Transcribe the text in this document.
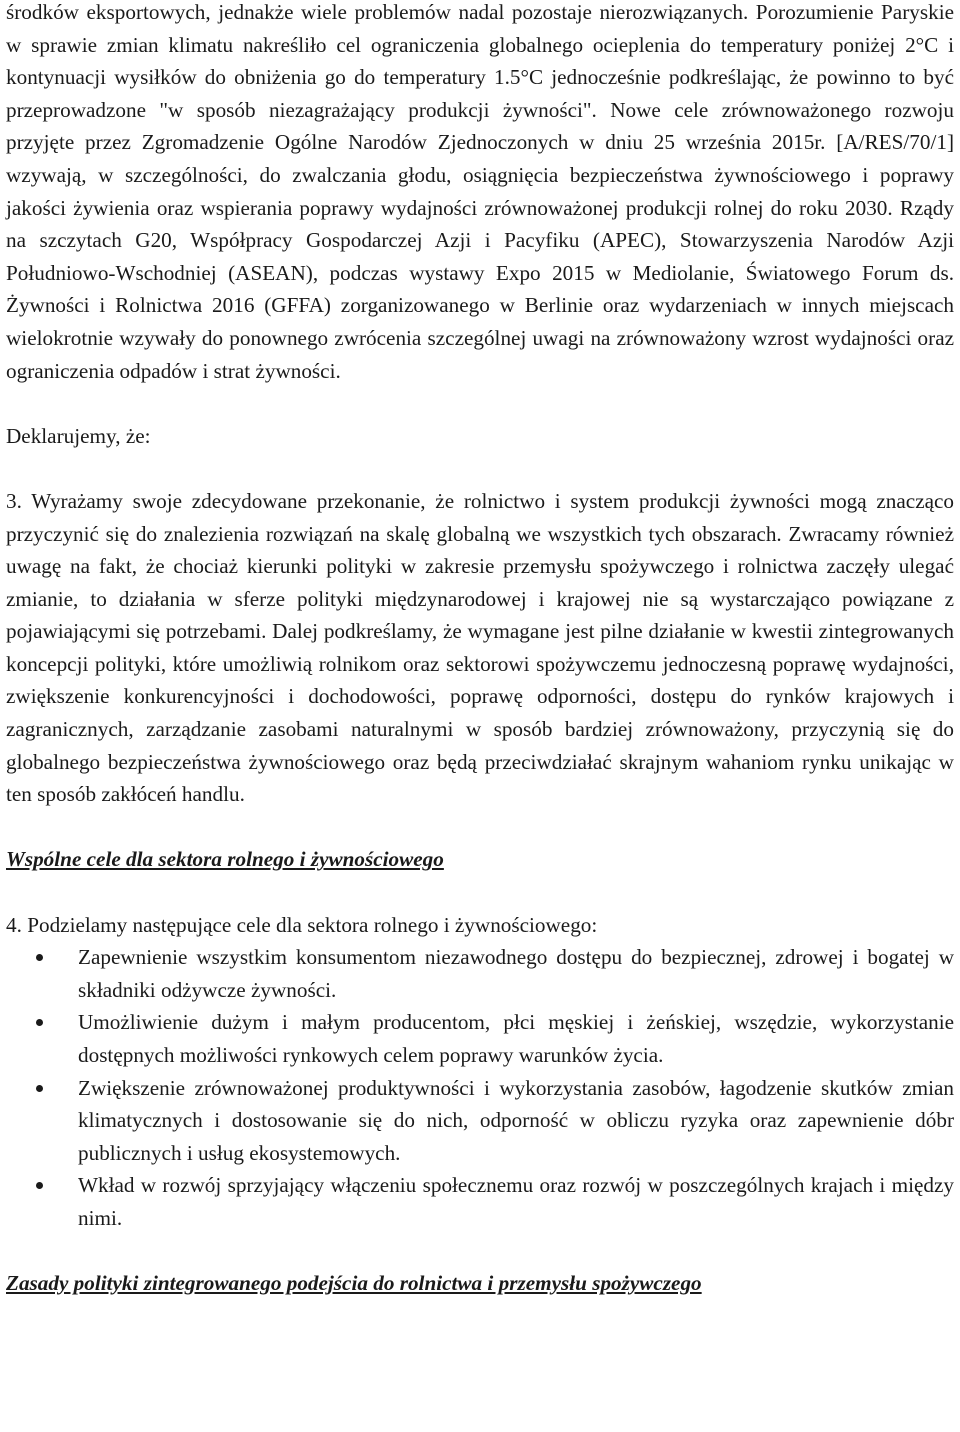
środków eksportowych, jednakże wiele problemów nadal pozostaje nierozwiązanych. Porozumienie Paryskie w sprawie zmian klimatu nakreśliło cel ograniczenia globalnego ocieplenia do temperatury poniżej 2°C i kontynuacji wysiłków do obniżenia go do temperatury 1.5°C jednocześnie podkreślając, że powinno to być przeprowadzone "w sposób niezagrażający produkcji żywności". Nowe cele zrównoważonego rozwoju przyjęte przez Zgromadzenie Ogólne Narodów Zjednoczonych w dniu 25 września 2015r. [A/RES/70/1] wzywają, w szczególności, do zwalczania głodu, osiągnięcia bezpieczeństwa żywnościowego i poprawy jakości żywienia oraz wspierania poprawy wydajności zrównoważonej produkcji rolnej do roku 2030. Rządy na szczytach G20, Współpracy Gospodarczej Azji i Pacyfiku (APEC), Stowarzyszenia Narodów Azji Południowo-Wschodniej (ASEAN), podczas wystawy Expo 2015 w Mediolanie, Światowego Forum ds. Żywności i Rolnictwa 2016 (GFFA) zorganizowanego w Berlinie oraz wydarzeniach w innych miejscach wielokrotnie wzywały do ponownego zwrócenia szczególnej uwagi na zrównoważony wzrost wydajności oraz ograniczenia odpadów i strat żywności.

Deklarujemy, że:

3. Wyrażamy swoje zdecydowane przekonanie, że rolnictwo i system produkcji żywności mogą znacząco przyczynić się do znalezienia rozwiązań na skalę globalną we wszystkich tych obszarach. Zwracamy również uwagę na fakt, że chociaż kierunki polityki w zakresie przemysłu spożywczego i rolnictwa zaczęły ulegać zmianie, to działania w sferze polityki międzynarodowej i krajowej nie są wystarczająco powiązane z pojawiającymi się potrzebami. Dalej podkreślamy, że wymagane jest pilne działanie w kwestii zintegrowanych koncepcji polityki, które umożliwią rolnikom oraz sektorowi spożywczemu jednoczesną poprawę wydajności, zwiększenie konkurencyjności i dochodowości, poprawę odporności, dostępu do rynków krajowych i zagranicznych, zarządzanie zasobami naturalnymi w sposób bardziej zrównoważony, przyczynią się do globalnego bezpieczeństwa żywnościowego oraz będą przeciwdziałać skrajnym wahaniom rynku unikając w ten sposób zakłóceń handlu.

Wspólne cele dla sektora rolnego i żywnościowego

4. Podzielamy następujące cele dla sektora rolnego i żywnościowego:

Zapewnienie wszystkim konsumentom niezawodnego dostępu do bezpiecznej, zdrowej i bogatej w składniki odżywcze żywności.
Umożliwienie dużym i małym producentom, płci męskiej i żeńskiej, wszędzie, wykorzystanie dostępnych możliwości rynkowych celem poprawy warunków życia.
Zwiększenie zrównoważonej produktywności i wykorzystania zasobów, łagodzenie skutków zmian klimatycznych i dostosowanie się do nich, odporność w obliczu ryzyka oraz zapewnienie dóbr publicznych i usług ekosystemowych.
Wkład w rozwój sprzyjający włączeniu społecznemu oraz rozwój w poszczególnych krajach i między nimi.

Zasady polityki zintegrowanego podejścia do rolnictwa i przemysłu spożywczego
